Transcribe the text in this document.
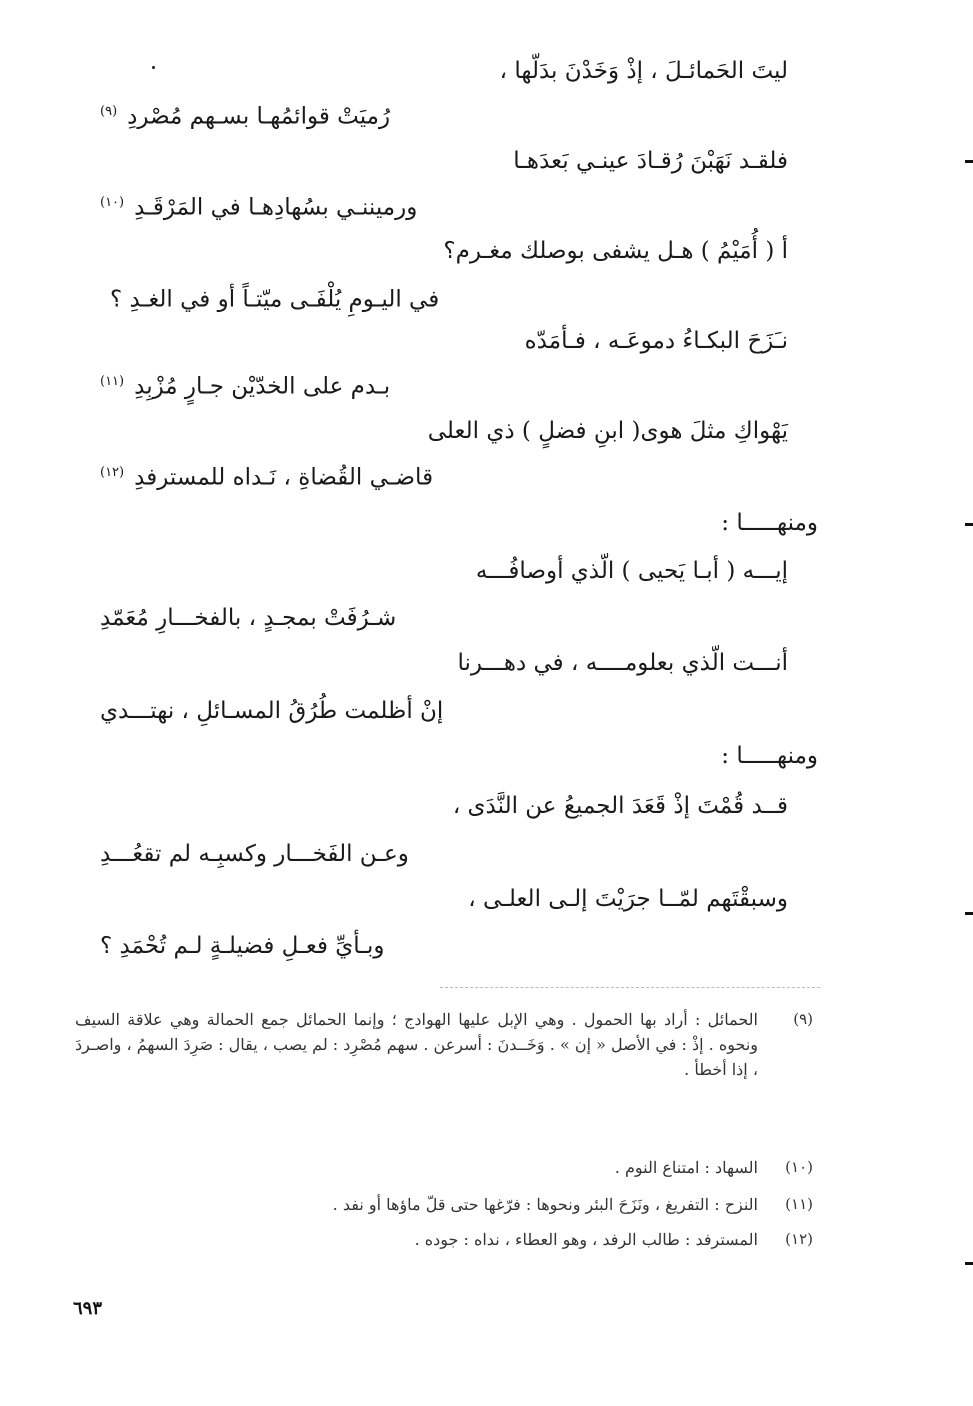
ليتَ الحَمائـلَ ، إذْ وَخَدْنَ بدَلّها ،
رُميَتْ قوائمُهـا بسـهم مُصْردِ$^{(٩)}$
فلقـد نَهَبْنَ رُقـادَ عينـي بَعدَهـا
ورميننـي بسُهادِهـا في المَرْقَـدِ$^{(١٠)}$
أ ( أُمَيْمُ ) هـل يشفى بوصلك مغـرم؟
في اليـومِ يُلْفَـى ميّتـاً أو في الغـدِ ؟
نـَزَحَ البكـاءُ دموعَـه ، فـأمَدّه
بـدم على الخدّيْن جـارٍ مُزْبِدِ$^{(١١)}$
يَهْواكِ مثلَ هوى( ابنِ فضلٍ ) ذي العلى
قاضـي القُضاةِ ، نَـداه للمسترفدِ$^{(١٢)}$
ومنهـــــا :
إيـــه ( أبـا يَحيى ) الّذي أوصافُـــه
شـرُفَتْ بمجـدٍ ، بالفخـــارِ مُعَمّدِ
أنـــت الّذي بعلومــــه ، في دهـــرنا
إنْ أظلمت طُرُقُ المسـائلِ ، نهتـــدي
ومنهـــــا :
قــد قُمْتَ إذْ قَعَدَ الجميعُ عن النَّدَى ،
وعـن الفَخـــار وكسبِـه لم تقعُـــدِ
وسبقْتَهم لمّــا جرَيْتَ إلـى العلـى ،
وبـأيِّ فعـلِ فضيلـةٍ لـم تُحْمَدِ ؟
(٩)
الحمائل : أراد بها الحمول . وهي الإبل عليها الهوادج ؛ وإنما الحمائل جمع الحمالة وهي علاقة السيف ونحوه . إذْ : في الأصل « إن » . وَخَــدنَ : أسرعن . سهم مُصْرِد : لم يصب ، يقال : صَرِدَ السهمُ ، واصـردَ ، إذا أخطأ .
(١٠)
السهاد : امتناع النوم .
(١١)
النزح : التفريغ ، ونَزَحَ البئر ونحوها : فرّغها حتى قلّ ماؤها أو نفد .
(١٢)
المسترفد : طالب الرفد ، وهو العطاء ، نداه : جوده .
٦٩٣
